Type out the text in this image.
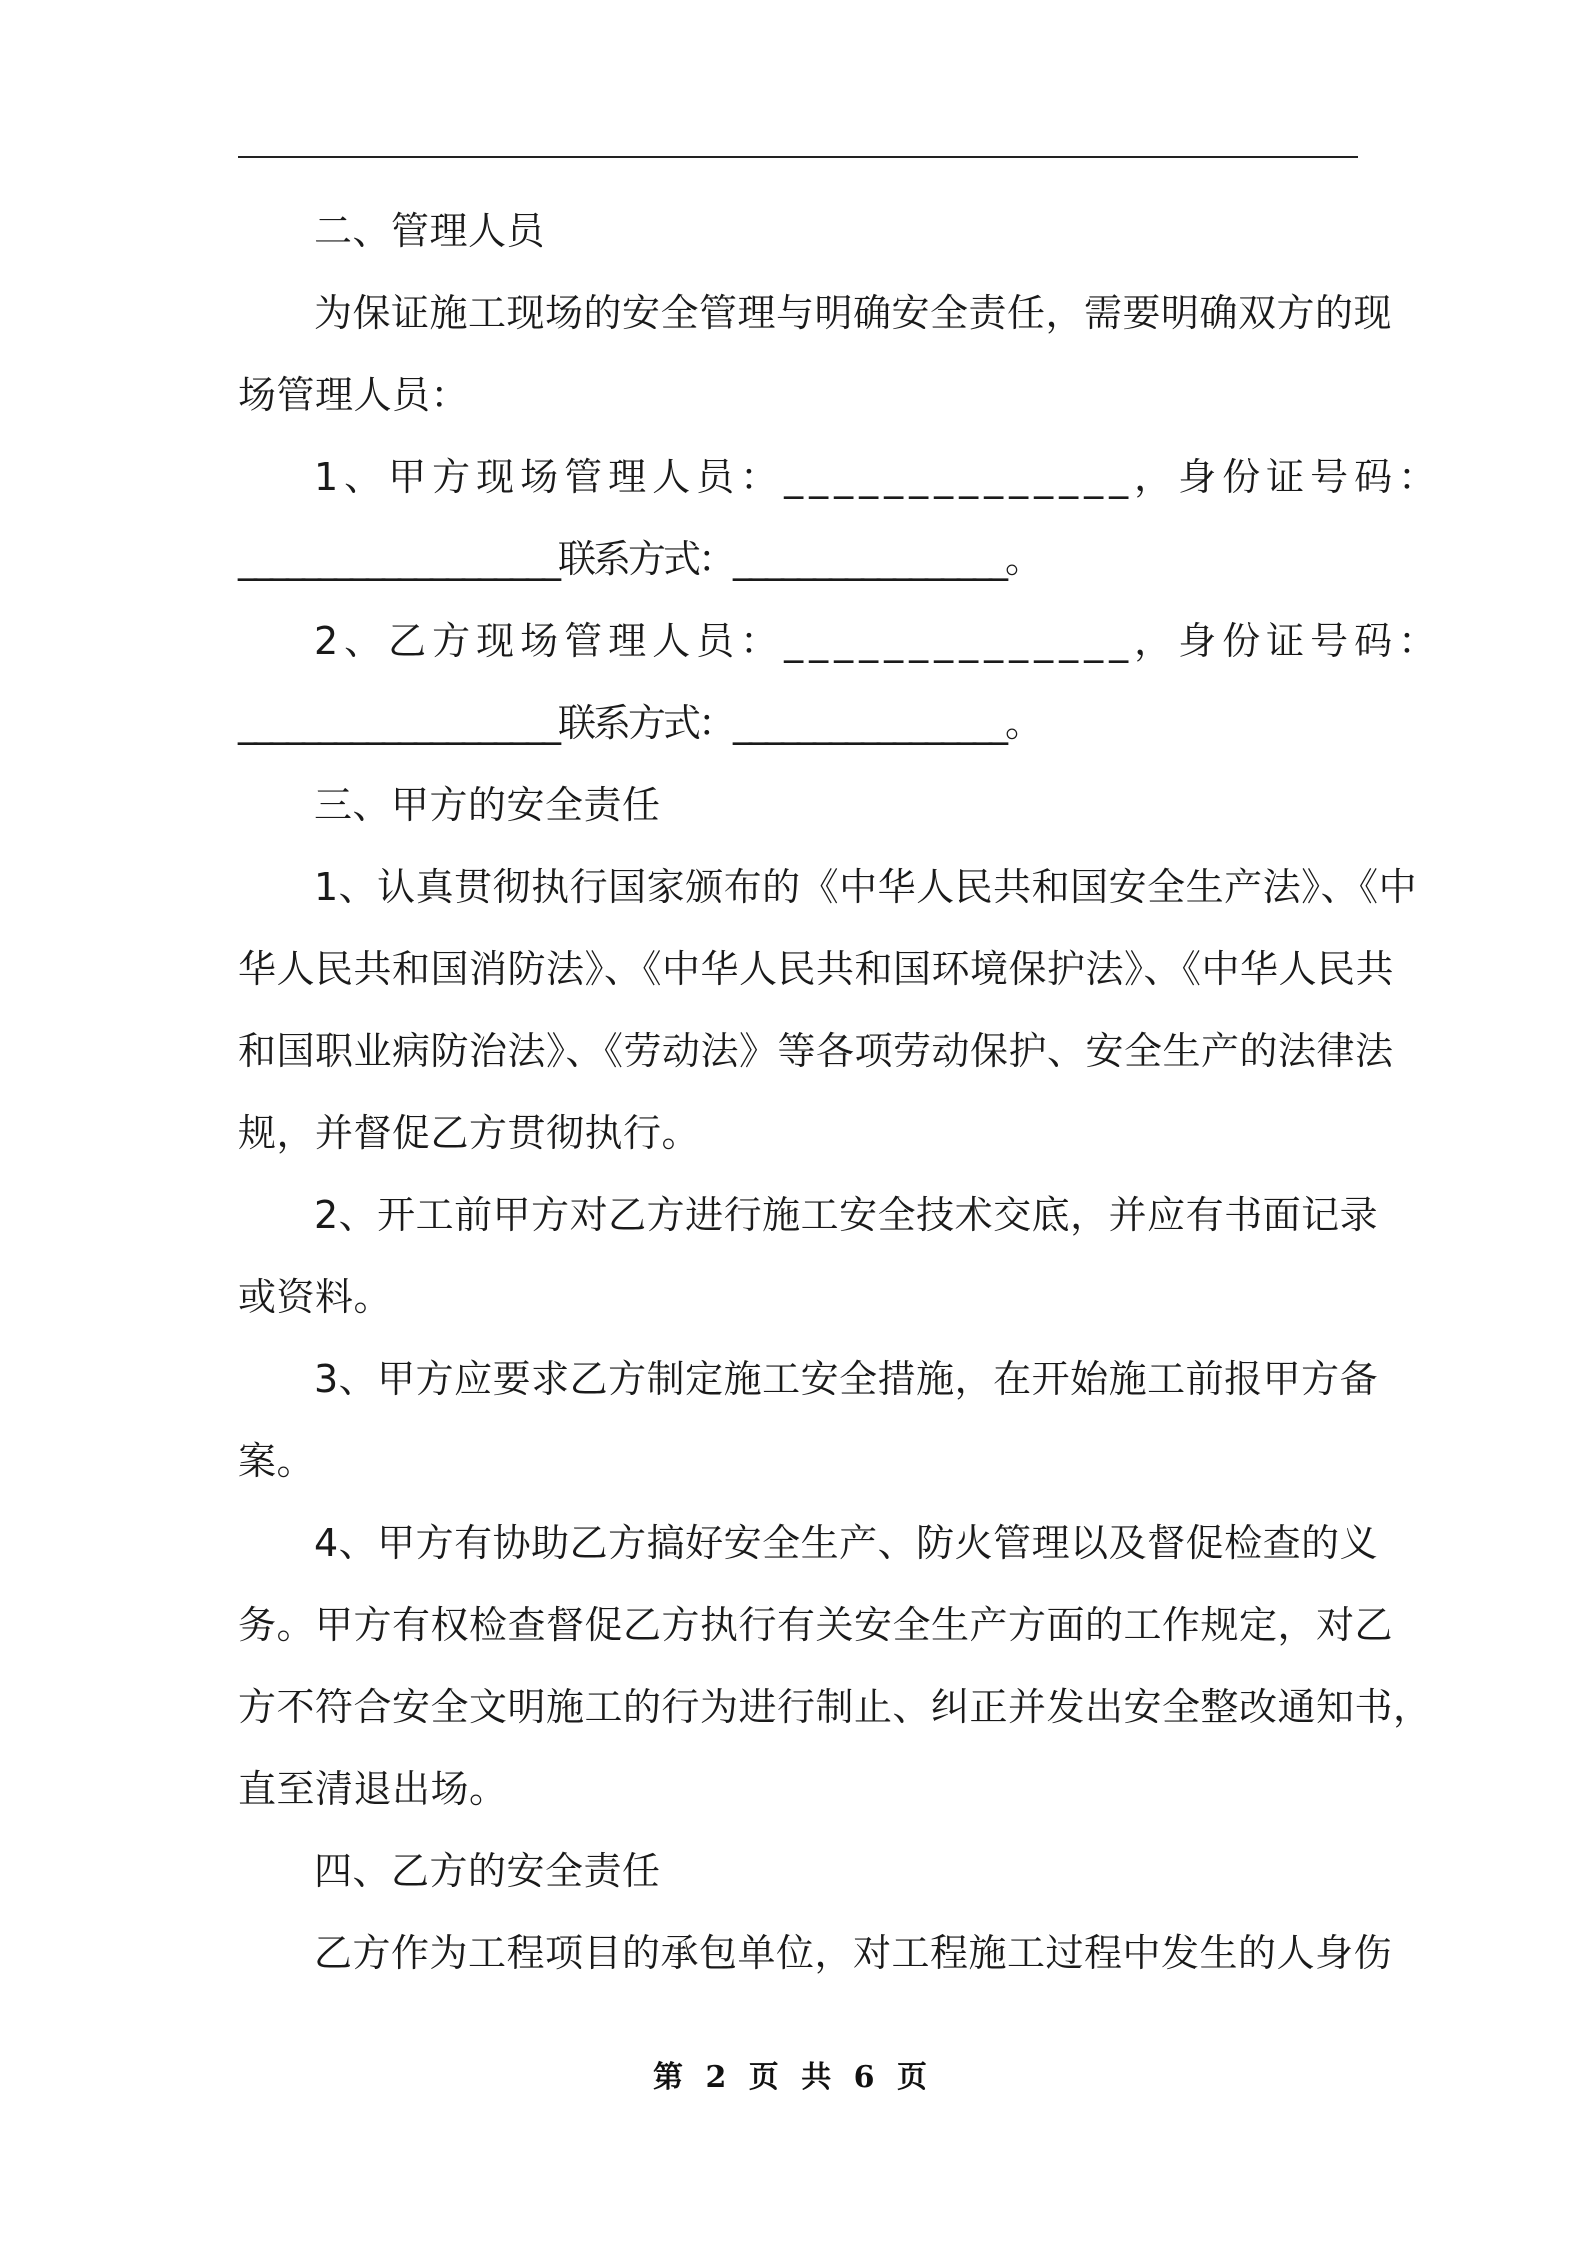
二、管理人员
为保证施工现场的安全管理与明确安全责任，需要明确双方的现
场管理人员：
1、甲方现场管理人员：______________，身份证号码：
____________________联系方式：_________________。
2、乙方现场管理人员：______________，身份证号码：
____________________联系方式：_________________。
三、甲方的安全责任
1、认真贯彻执行国家颁布的《中华人民共和国安全生产法》、《中
华人民共和国消防法》、《中华人民共和国环境保护法》、《中华人民共
和国职业病防治法》、《劳动法》等各项劳动保护、安全生产的法律法
规，并督促乙方贯彻执行。
2、开工前甲方对乙方进行施工安全技术交底，并应有书面记录
或资料。
3、甲方应要求乙方制定施工安全措施，在开始施工前报甲方备
案。
4、甲方有协助乙方搞好安全生产、防火管理以及督促检查的义
务。甲方有权检查督促乙方执行有关安全生产方面的工作规定，对乙
方不符合安全文明施工的行为进行制止、纠正并发出安全整改通知书，
直至清退出场。
四、乙方的安全责任
乙方作为工程项目的承包单位，对工程施工过程中发生的人身伤
第 2 页 共 6 页
